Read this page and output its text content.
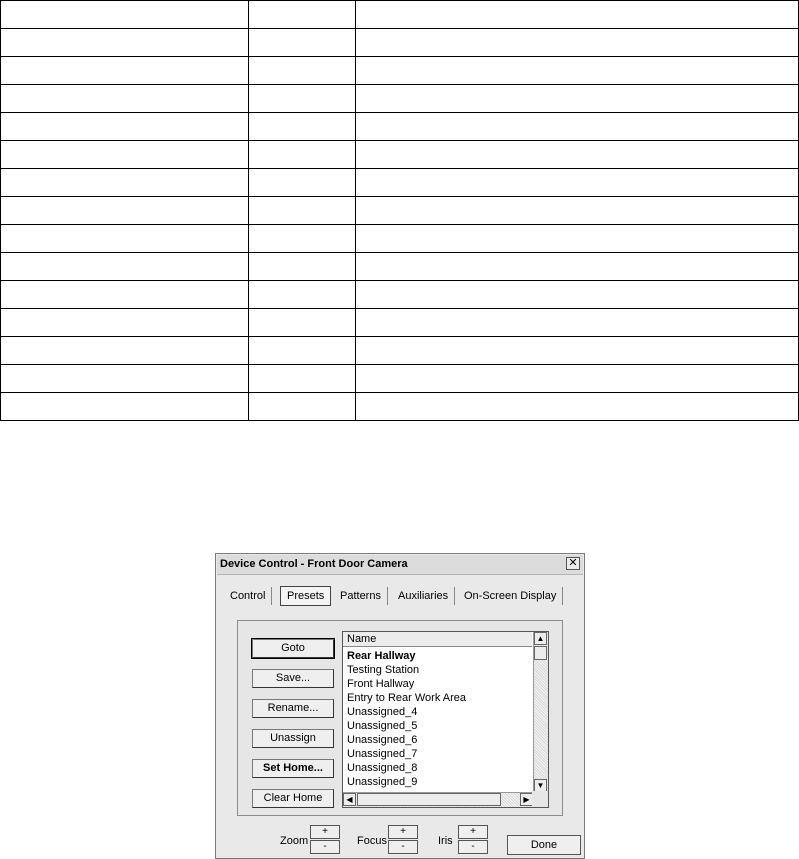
Device Control - Front Door Camera	✕
Control	Presets	Patterns	Auxiliaries	On-Screen Display
Goto
Save...
Rename...
Unassign
Set Home...
Clear Home
Name
Rear Hallway
Testing Station
Front Hallway
Entry to Rear Work Area
Unassigned_4
Unassigned_5
Unassigned_6
Unassigned_7
Unassigned_8
Unassigned_9
▲
▼
◀	▶
Zoom
+
-	Focus
+
-	Iris
+
-	Done
